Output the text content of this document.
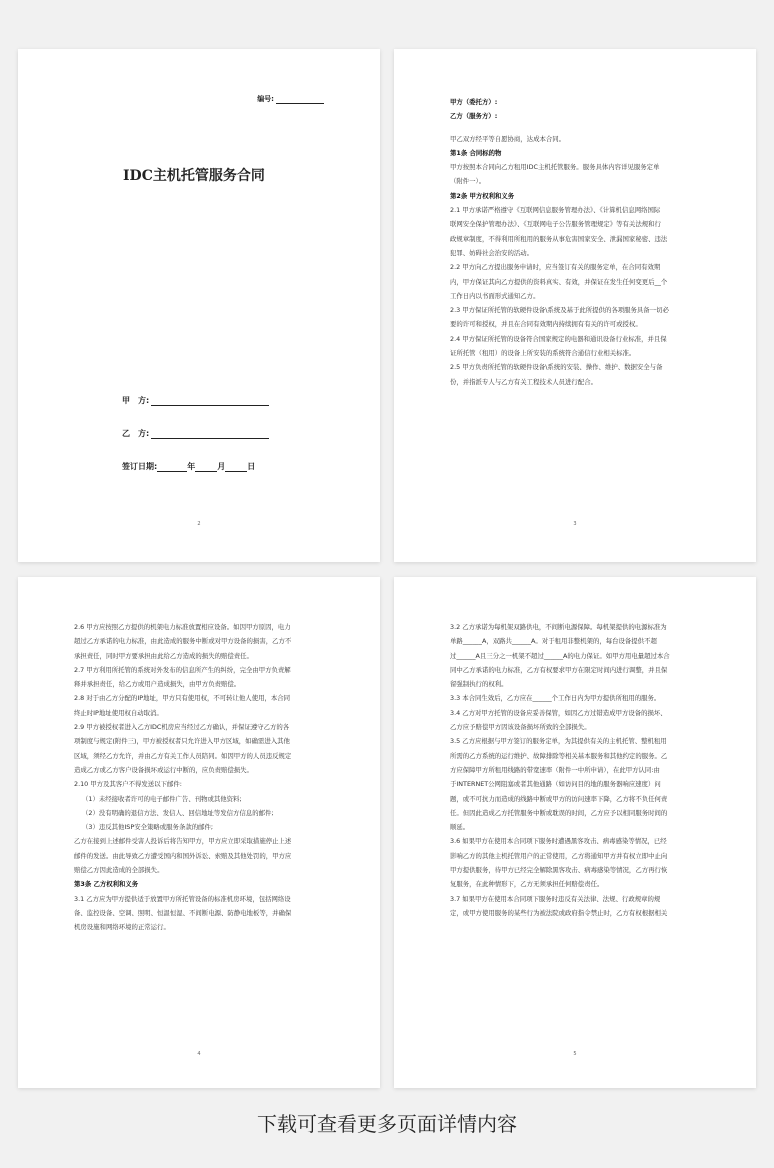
编号:
IDC主机托管服务合同
甲　方:
乙　方:
签订日期:	年	月	日
2

甲方（委托方）:

乙方（服务方）:

甲乙双方经平等自愿协商，达成本合同。

第1条 合同标的物

甲方按照本合同向乙方租用IDC主机托管服务。服务具体内容详见服务定单

（附件一）。

第2条 甲方权利和义务

2.1 甲方承诺严格遵守《互联网信息服务管理办法》、《计算机信息网络国际

联网安全保护管理办法》、《互联网电子公告服务管理规定》等有关法规和行

政规章制度，不得利用所租用的服务从事危害国家安全、泄漏国家秘密、违法

犯罪、妨碍社会治安的活动。

2.2 甲方向乙方提出服务申请时，应当签订有关的服务定单，在合同有效期

内，甲方保证其向乙方提供的资料真实、有效，并保证在发生任何变更后__个

工作日内以书面形式通知乙方。

2.3 甲方保证所托管的软硬件设备\系统及基于此所提供的各项服务具备一切必

要的许可和授权，并且在合同有效期内持续拥有有关的许可或授权。

2.4 甲方保证所托管的设备符合国家规定的电器和通讯设备行业标准，并且保

证所托管（租用）的设备上所安装的系统符合通信行业相关标准。

2.5 甲方负责所托管的软硬件设备\系统的安装、操作、维护、数据安全与备

份，并指派专人与乙方有关工程技术人员进行配合。

3

2.6 甲方应按照乙方提供的机架电力标准放置相应设备。如因甲方原因，电力

超过乙方承诺的电力标准，由此造成的服务中断或对甲方设备的损害，乙方不

承担责任，同时甲方要承担由此给乙方造成的损失的赔偿责任。

2.7 甲方利用所托管的系统对外发布的信息所产生的纠纷，完全由甲方负责解

释并承担责任，给乙方或用户造成损失，由甲方负责赔偿。

2.8 对于由乙方分配的IP地址，甲方只有使用权，不可转让他人使用，本合同

终止时IP地址使用权自动取消。

2.9 甲方被授权者进入乙方IDC机房应当经过乙方确认，并保证遵守乙方的各

项制度与规定(附件三)，甲方被授权者只允许进入甲方区域，如确需进入其他

区域，须经乙方允许，并由乙方有关工作人员陪同。如因甲方的人员违反规定

造成乙方或乙方客户设备损坏或运行中断的，应负责赔偿损失。

2.10 甲方及其客户不得发送以下邮件:

（1）未经接收者许可的电子邮件广告、刊物或其他资料;

（2）没有明确的退信方法、发信人、回信地址等发信方信息的邮件;

（3）违反其他ISP安全策略或服务条款的邮件;

乙方在接到上述邮件受害人投诉后将告知甲方，甲方应立即采取措施停止上述

邮件的发送。由此导致乙方遭受国内和国外诉讼、索赔及其他处罚的，甲方应

赔偿乙方因此造成的全部损失。

第3条 乙方权利和义务

3.1 乙方应为甲方提供适于放置甲方所托管设备的标准机房环境，包括网络设

备、监控设备、空调、照明、恒温恒湿、不间断电源、防静电地板等，并确保

机房设施和网络环境的正常运行。

4

3.2 乙方承诺为每机架双路供电，不间断电源保障。每机架提供的电源标准为

单路______A，双路共______A。对于租用非整机架的，每台设备提供不超

过______A且三分之一机架不超过______A的电力保证。如甲方用电量超过本合

同中乙方承诺的电力标准，乙方有权要求甲方在限定时间内进行调整，并且保

留强制执行的权利。

3.3 本合同生效后，乙方应在______个工作日内为甲方提供所租用的服务。

3.4 乙方对甲方托管的设备应妥善保管，如因乙方过错造成甲方设备的损坏、

乙方应予赔偿甲方因该设备损坏所致的全部损失。

3.5 乙方应根据与甲方签订的服务定单，为其提供有关的主机托管、整机租用

所需的乙方系统的运行维护、故障排除等相关基本服务和其他约定的服务。乙

方应保障甲方所租用线路的带宽速率（附件一中所申请），在此甲方认同:由

于INTERNET公网阻塞或者其他通路（如访问目的地的服务器响应速度）问

题，或不可抗力而造成的线路中断或甲方的访问速率下降，乙方将不负任何责

任。但因此造成乙方托管服务中断或耽误的时间，乙方应予以相同服务时间的

顺延。

3.6 如果甲方在使用本合同项下服务时遭遇黑客攻击、病毒感染等情况，已经

影响乙方的其他主机托管用户的正常使用，乙方将通知甲方并有权立即中止向

甲方提供服务，待甲方已经完全解除黑客攻击、病毒感染等情况，乙方再行恢

复服务，在此种情形下，乙方无须承担任何赔偿责任。

3.7 如果甲方在使用本合同项下服务时违反有关法律、法规、行政规章的规

定，或甲方使用服务的某些行为被法院或政府指令禁止时，乙方有权根据相关

5
下载可查看更多页面详情内容
